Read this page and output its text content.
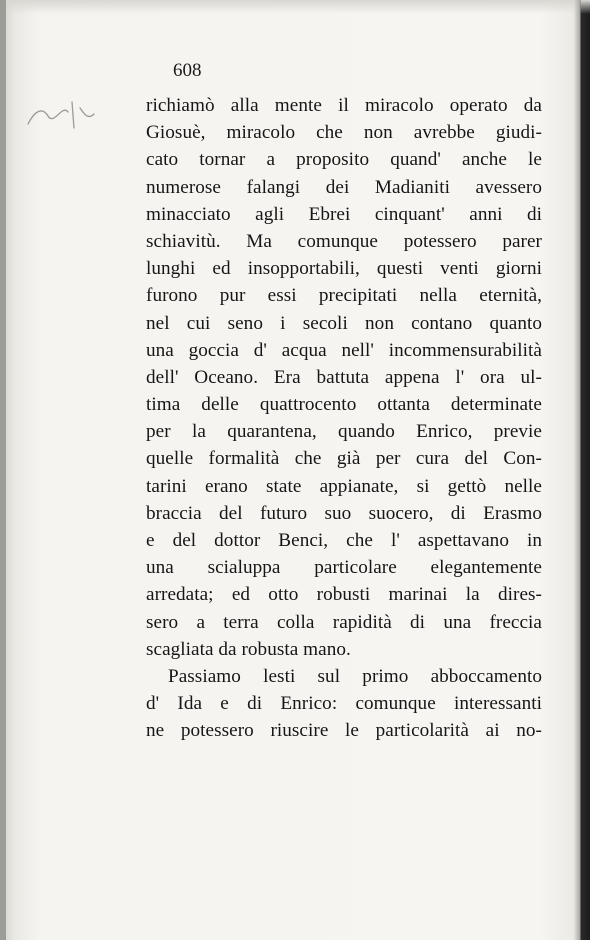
608
richiamò alla mente il miracolo operato da
Giosuè, miracolo che non avrebbe giudi-
cato tornar a proposito quand' anche le
numerose falangi dei Madianiti avessero
minacciato agli Ebrei cinquant' anni di
schiavitù. Ma comunque potessero parer
lunghi ed insopportabili, questi venti giorni
furono pur essi precipitati nella eternità,
nel cui seno i secoli non contano quanto
una goccia d' acqua nell' incommensurabilità
dell' Oceano. Era battuta appena l' ora ul-
tima delle quattrocento ottanta determinate
per la quarantena, quando Enrico, previe
quelle formalità che già per cura del Con-
tarini erano state appianate, si gettò nelle
braccia del futuro suo suocero, di Erasmo
e del dottor Benci, che l' aspettavano in
una scialuppa particolare elegantemente
arredata; ed otto robusti marinai la dires-
sero a terra colla rapidità di una freccia
scagliata da robusta mano.
Passiamo lesti sul primo abboccamento
d' Ida e di Enrico: comunque interessanti
ne potessero riuscire le particolarità ai no-
